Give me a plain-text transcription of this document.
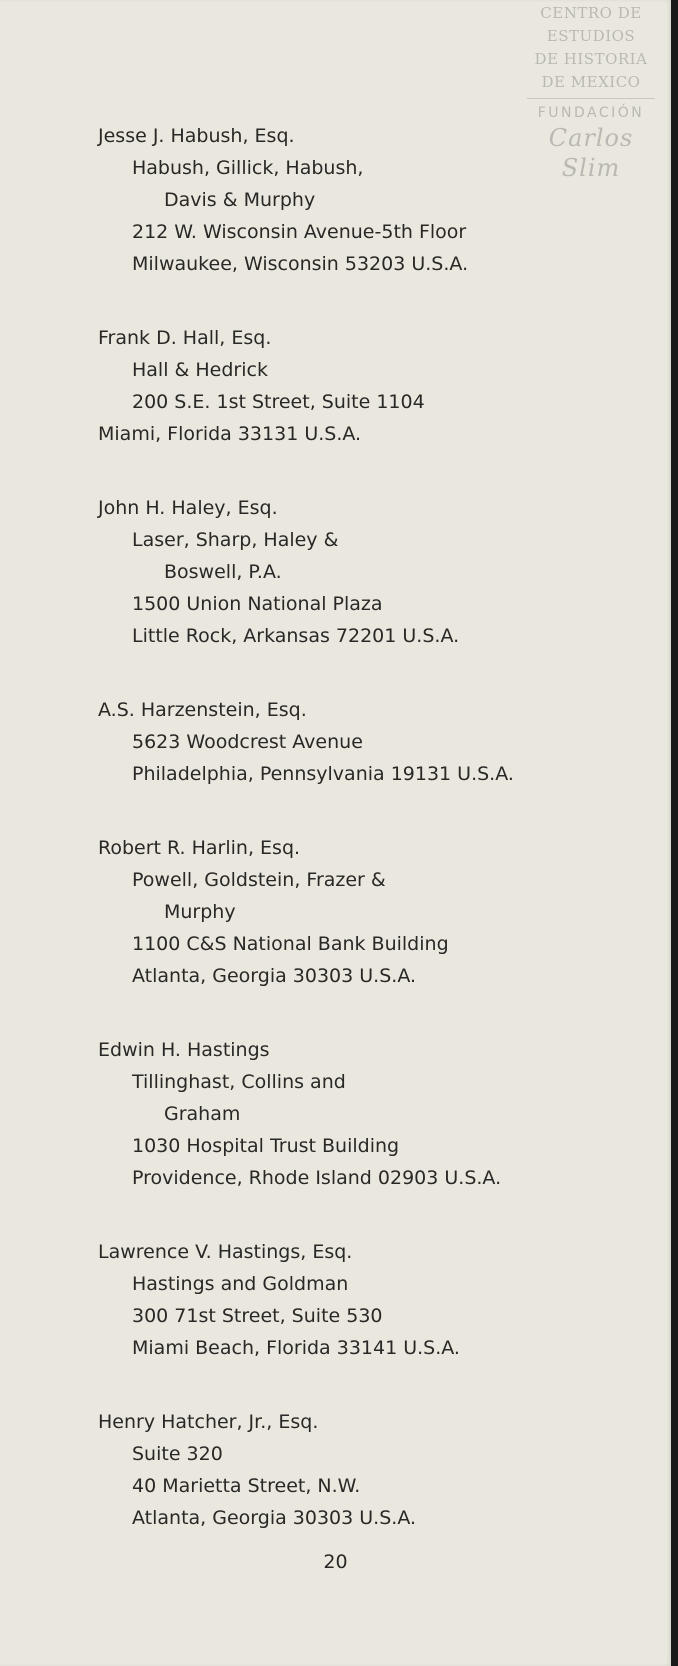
CENTRO DE
ESTUDIOS
DE HISTORIA
DE MEXICO
FUNDACIÓN
Carlos Slim
Jesse J. Habush, Esq.
Habush, Gillick, Habush,
Davis & Murphy
212 W. Wisconsin Avenue-5th Floor
Milwaukee, Wisconsin 53203 U.S.A.
Frank D. Hall, Esq.
Hall & Hedrick
200 S.E. 1st Street, Suite 1104
Miami, Florida 33131 U.S.A.
John H. Haley, Esq.
Laser, Sharp, Haley &
Boswell, P.A.
1500 Union National Plaza
Little Rock, Arkansas 72201 U.S.A.
A.S. Harzenstein, Esq.
5623 Woodcrest Avenue
Philadelphia, Pennsylvania 19131 U.S.A.
Robert R. Harlin, Esq.
Powell, Goldstein, Frazer &
Murphy
1100 C&S National Bank Building
Atlanta, Georgia 30303 U.S.A.
Edwin H. Hastings
Tillinghast, Collins and
Graham
1030 Hospital Trust Building
Providence, Rhode Island 02903 U.S.A.
Lawrence V. Hastings, Esq.
Hastings and Goldman
300 71st Street, Suite 530
Miami Beach, Florida 33141 U.S.A.
Henry Hatcher, Jr., Esq.
Suite 320
40 Marietta Street, N.W.
Atlanta, Georgia 30303 U.S.A.
20
